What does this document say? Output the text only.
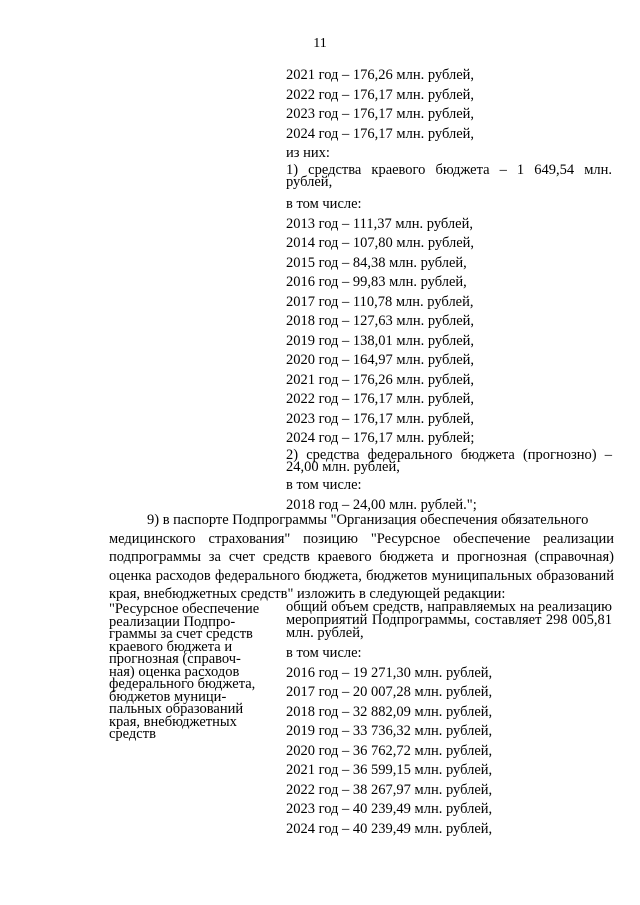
11
2021 год – 176,26 млн. рублей,
2022 год – 176,17 млн. рублей,
2023 год – 176,17 млн. рублей,
2024 год – 176,17 млн. рублей,
из них:
1) средства краевого бюджета – 1 649,54 млн. рублей,
в том числе:
2013 год – 111,37 млн. рублей,
2014 год – 107,80 млн. рублей,
2015 год – 84,38 млн. рублей,
2016 год – 99,83 млн. рублей,
2017 год – 110,78 млн. рублей,
2018 год – 127,63 млн. рублей,
2019 год – 138,01 млн. рублей,
2020 год – 164,97 млн. рублей,
2021 год – 176,26 млн. рублей,
2022 год – 176,17 млн. рублей,
2023 год – 176,17 млн. рублей,
2024 год – 176,17 млн. рублей;
2) средства федерального бюджета (прогнозно) – 24,00 млн. рублей,
в том числе:
2018 год – 24,00 млн. рублей.";
9) в паспорте Подпрограммы "Организация обеспечения обязательного
медицинского страхования" позицию "Ресурсное обеспечение реализации подпрограммы за счет средств краевого бюджета и прогнозная (справочная) оценка расходов федерального бюджета, бюджетов муниципальных образований края, внебюджетных средств" изложить в следующей редакции:
"Ресурсное обеспечение
реализации Подпро-
граммы за счет средств
краевого бюджета и
прогнозная (справоч-
ная) оценка расходов
федерального бюджета,
бюджетов муници-
пальных образований
края, внебюджетных
средств
общий объем средств, направляемых на реализацию мероприятий Подпрограммы, составляет 298 005,81 млн. рублей,
в том числе:
2016 год – 19 271,30 млн. рублей,
2017 год – 20 007,28 млн. рублей,
2018 год – 32 882,09 млн. рублей,
2019 год – 33 736,32 млн. рублей,
2020 год – 36 762,72 млн. рублей,
2021 год – 36 599,15 млн. рублей,
2022 год – 38 267,97 млн. рублей,
2023 год – 40 239,49 млн. рублей,
2024 год – 40 239,49 млн. рублей,
